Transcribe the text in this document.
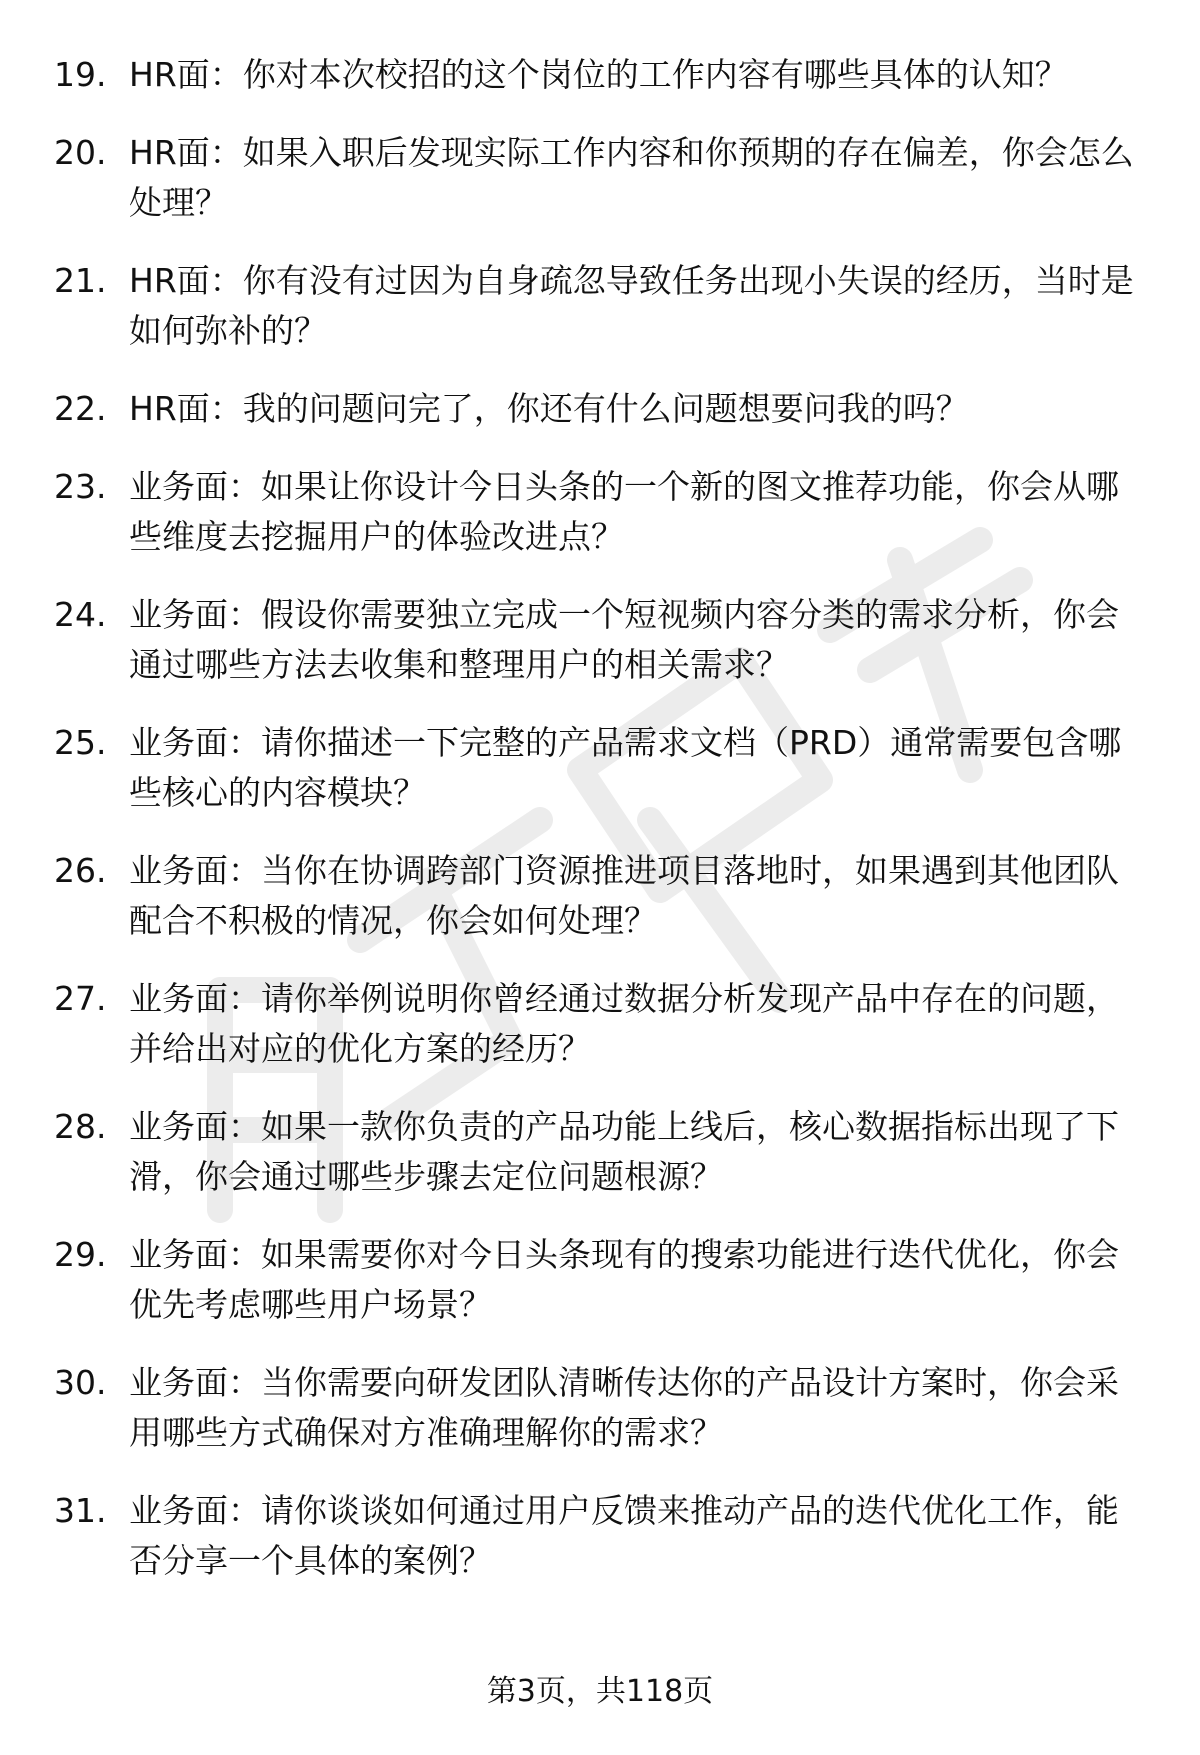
19. HR面：你对本次校招的这个岗位的工作内容有哪些具体的认知？
20. HR面：如果入职后发现实际工作内容和你预期的存在偏差，你会怎么处理？
21. HR面：你有没有过因为自身疏忽导致任务出现小失误的经历，当时是如何弥补的？
22. HR面：我的问题问完了，你还有什么问题想要问我的吗？
23. 业务面：如果让你设计今日头条的一个新的图文推荐功能，你会从哪些维度去挖掘用户的体验改进点？
24. 业务面：假设你需要独立完成一个短视频内容分类的需求分析，你会通过哪些方法去收集和整理用户的相关需求？
25. 业务面：请你描述一下完整的产品需求文档（PRD）通常需要包含哪些核心的内容模块？
26. 业务面：当你在协调跨部门资源推进项目落地时，如果遇到其他团队配合不积极的情况，你会如何处理？
27. 业务面：请你举例说明你曾经通过数据分析发现产品中存在的问题，并给出对应的优化方案的经历？
28. 业务面：如果一款你负责的产品功能上线后，核心数据指标出现了下滑，你会通过哪些步骤去定位问题根源？
29. 业务面：如果需要你对今日头条现有的搜索功能进行迭代优化，你会优先考虑哪些用户场景？
30. 业务面：当你需要向研发团队清晰传达你的产品设计方案时，你会采用哪些方式确保对方准确理解你的需求？
31. 业务面：请你谈谈如何通过用户反馈来推动产品的迭代优化工作，能否分享一个具体的案例？
第3页，共118页
